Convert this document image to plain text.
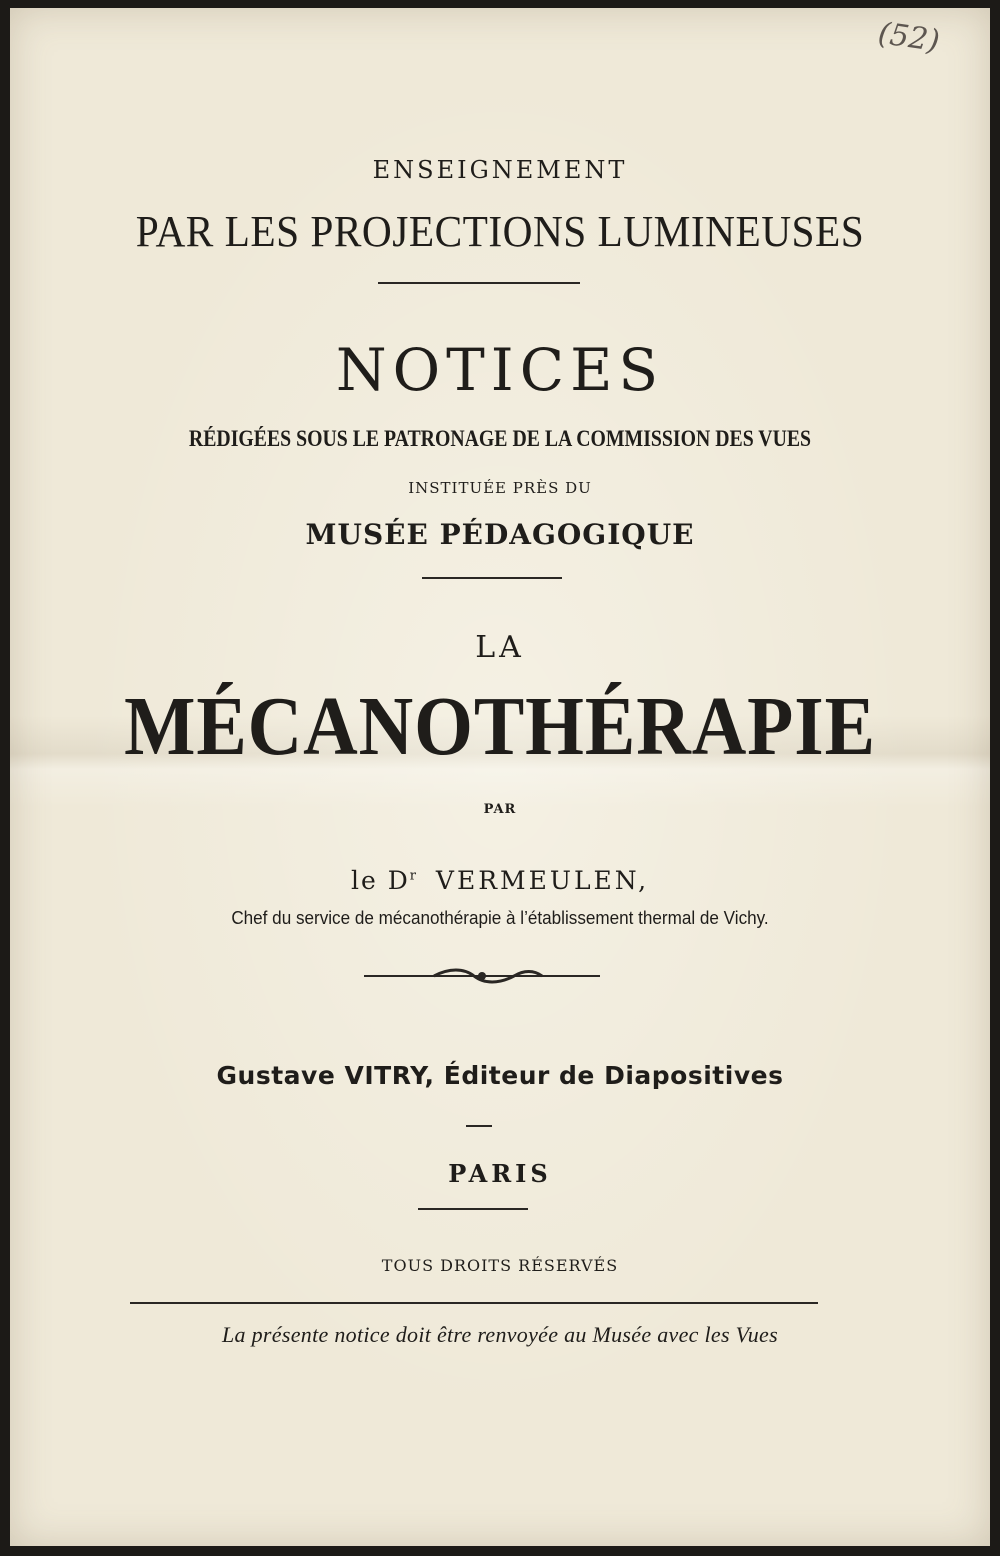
(52)
ENSEIGNEMENT
PAR LES PROJECTIONS LUMINEUSES
NOTICES
RÉDIGÉES SOUS LE PATRONAGE DE LA COMMISSION DES VUES
INSTITUÉE PRÈS DU
MUSÉE PÉDAGOGIQUE
LA
MÉCANOTHÉRAPIE
PAR
le $D^r$ VERMEULEN,
Chef du service de mécanothérapie à l’établissement thermal de Vichy.
Gustave VITRY, Éditeur de Diapositives
PARIS
TOUS DROITS RÉSERVÉS
La présente notice doit être renvoyée au Musée avec les Vues
